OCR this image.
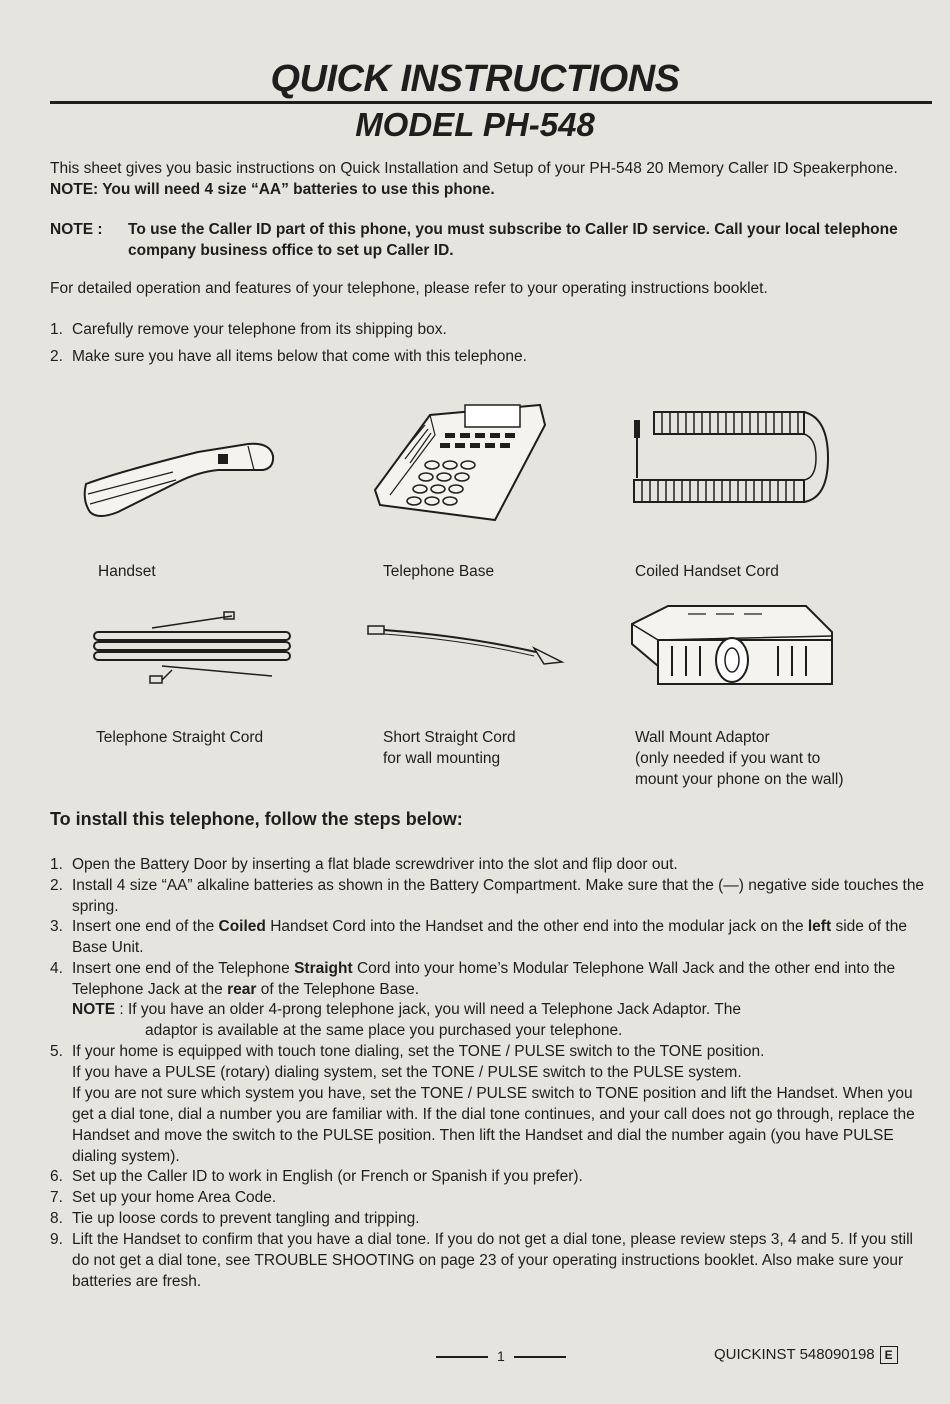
QUICK INSTRUCTIONS
MODEL PH-548
This sheet gives you basic instructions on Quick Installation and Setup of your PH-548 20 Memory Caller ID Speakerphone. NOTE: You will need 4 size “AA” batteries to use this phone.
NOTE : To use the Caller ID part of this phone, you must subscribe to Caller ID service. Call your local telephone company business office to set up Caller ID.
For detailed operation and features of your telephone, please refer to your operating instructions booklet.
1. Carefully remove your telephone from its shipping box.
2. Make sure you have all items below that come with this telephone.
Handset	Telephone Base	Coiled Handset Cord
Telephone Straight Cord	Short Straight Cord
for wall mounting
Wall Mount Adaptor
(only needed if you want to
mount your phone on the wall)
To install this telephone, follow the steps below:
1. Open the Battery Door by inserting a flat blade screwdriver into the slot and flip door out.
2. Install 4 size “AA” alkaline batteries as shown in the Battery Compartment. Make sure that the (—) negative side touches the spring.
3. Insert one end of the Coiled Handset Cord into the Handset and the other end into the modular jack on the left side of the Base Unit.
4. Insert one end of the Telephone Straight Cord into your home’s Modular Telephone Wall Jack and the other end into the Telephone Jack at the rear of the Telephone Base.
NOTE : If you have an older 4-prong telephone jack, you will need a Telephone Jack Adaptor. The
adaptor is available at the same place you purchased your telephone.
5. If your home is equipped with touch tone dialing, set the TONE / PULSE switch to the TONE position.
If you have a PULSE (rotary) dialing system, set the TONE / PULSE switch to the PULSE system.
If you are not sure which system you have, set the TONE / PULSE switch to TONE position and lift the Handset. When you get a dial tone, dial a number you are familiar with. If the dial tone continues, and your call does not go through, replace the Handset and move the switch to the PULSE position. Then lift the Handset and dial the number again (you have PULSE dialing system).
6. Set up the Caller ID to work in English (or French or Spanish if you prefer).
7. Set up your home Area Code.
8. Tie up loose cords to prevent tangling and tripping.
9. Lift the Handset to confirm that you have a dial tone. If you do not get a dial tone, please review steps 3, 4 and 5. If you still do not get a dial tone, see TROUBLE SHOOTING on page 23 of your operating instructions booklet. Also make sure your batteries are fresh.
1	QUICKINST 548090198 E
